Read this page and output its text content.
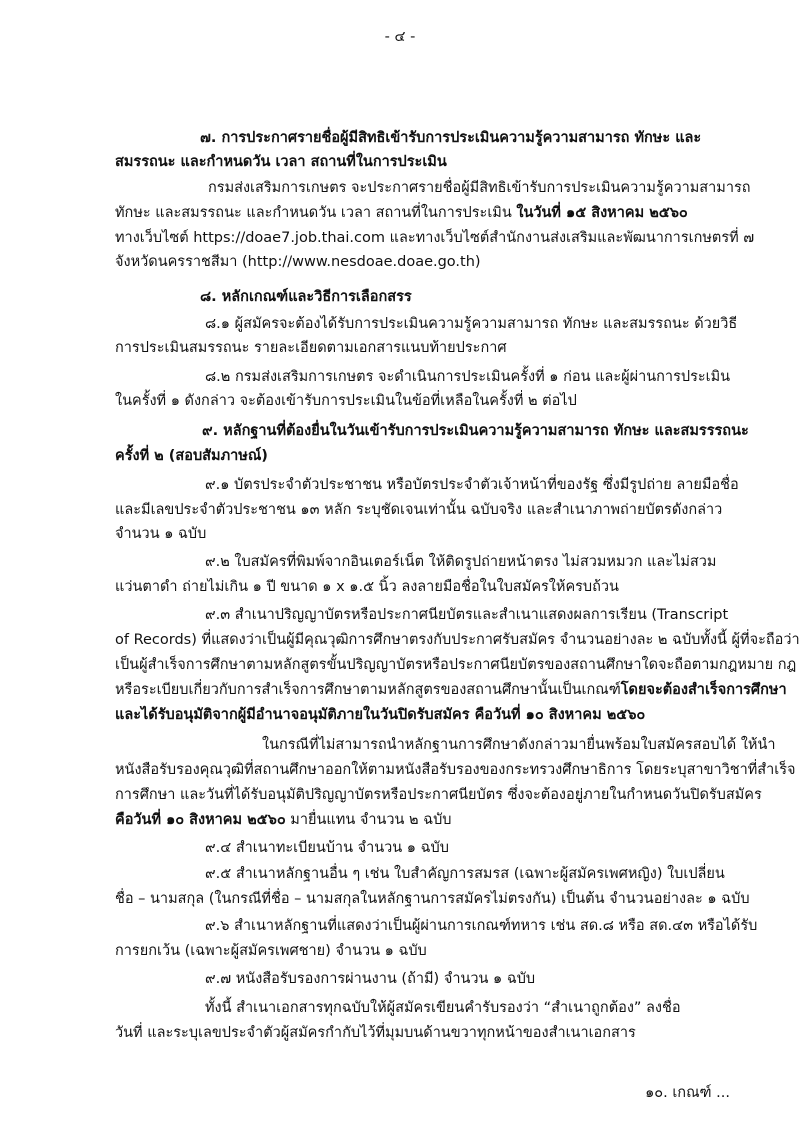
- ๔ -
๗. การประกาศรายชื่อผู้มีสิทธิเข้ารับการประเมินความรู้ความสามารถ ทักษะ และ
สมรรถนะ และกำหนดวัน เวลา สถานที่ในการประเมิน
กรมส่งเสริมการเกษตร จะประกาศรายชื่อผู้มีสิทธิเข้ารับการประเมินความรู้ความสามารถ
ทักษะ และสมรรถนะ และกำหนดวัน เวลา สถานที่ในการประเมิน ในวันที่ ๑๕ สิงหาคม ๒๕๖๐
ทางเว็บไซต์ https://doae7.job.thai.com และทางเว็บไซต์สำนักงานส่งเสริมและพัฒนาการเกษตรที่ ๗
จังหวัดนครราชสีมา (http://www.nesdoae.doae.go.th)
๘. หลักเกณฑ์และวิธีการเลือกสรร
๘.๑ ผู้สมัครจะต้องได้รับการประเมินความรู้ความสามารถ ทักษะ และสมรรถนะ ด้วยวิธี
การประเมินสมรรถนะ รายละเอียดตามเอกสารแนบท้ายประกาศ
๘.๒ กรมส่งเสริมการเกษตร จะดำเนินการประเมินครั้งที่ ๑ ก่อน และผู้ผ่านการประเมิน
ในครั้งที่ ๑ ดังกล่าว จะต้องเข้ารับการประเมินในข้อที่เหลือในครั้งที่ ๒ ต่อไป
๙. หลักฐานที่ต้องยื่นในวันเข้ารับการประเมินความรู้ความสามารถ ทักษะ และสมรรรถนะ
ครั้งที่ ๒ (สอบสัมภาษณ์)
๙.๑ บัตรประจำตัวประชาชน หรือบัตรประจำตัวเจ้าหน้าที่ของรัฐ ซึ่งมีรูปถ่าย ลายมือชื่อ
และมีเลขประจำตัวประชาชน ๑๓ หลัก ระบุชัดเจนเท่านั้น ฉบับจริง และสำเนาภาพถ่ายบัตรดังกล่าว
จำนวน ๑ ฉบับ
๙.๒ ใบสมัครที่พิมพ์จากอินเตอร์เน็ต ให้ติดรูปถ่ายหน้าตรง ไม่สวมหมวก และไม่สวม
แว่นตาดำ ถ่ายไม่เกิน ๑ ปี ขนาด ๑ x ๑.๕ นิ้ว ลงลายมือชื่อในใบสมัครให้ครบถ้วน
๙.๓ สำเนาปริญญาบัตรหรือประกาศนียบัตรและสำเนาแสดงผลการเรียน (Transcript
of Records) ที่แสดงว่าเป็นผู้มีคุณวุฒิการศึกษาตรงกับประกาศรับสมัคร จำนวนอย่างละ ๒ ฉบับทั้งนี้ ผู้ที่จะถือว่า
เป็นผู้สำเร็จการศึกษาตามหลักสูตรขั้นปริญญาบัตรหรือประกาศนียบัตรของสถานศึกษาใดจะถือตามกฎหมาย กฎ
หรือระเบียบเกี่ยวกับการสำเร็จการศึกษาตามหลักสูตรของสถานศึกษานั้นเป็นเกณฑ์โดยจะต้องสำเร็จการศึกษา
และได้รับอนุมัติจากผู้มีอำนาจอนุมัติภายในวันปิดรับสมัคร คือวันที่ ๑๐ สิงหาคม ๒๕๖๐
ในกรณีที่ไม่สามารถนำหลักฐานการศึกษาดังกล่าวมายื่นพร้อมใบสมัครสอบได้ ให้นำ
หนังสือรับรองคุณวุฒิที่สถานศึกษาออกให้ตามหนังสือรับรองของกระทรวงศึกษาธิการ โดยระบุสาขาวิชาที่สำเร็จ
การศึกษา และวันที่ได้รับอนุมัติปริญญาบัตรหรือประกาศนียบัตร ซึ่งจะต้องอยู่ภายในกำหนดวันปิดรับสมัคร
คือวันที่ ๑๐ สิงหาคม ๒๕๖๐ มายื่นแทน จำนวน ๒ ฉบับ
๙.๔ สำเนาทะเบียนบ้าน จำนวน ๑ ฉบับ
๙.๕ สำเนาหลักฐานอื่น ๆ เช่น ใบสำคัญการสมรส (เฉพาะผู้สมัครเพศหญิง) ใบเปลี่ยน
ชื่อ – นามสกุล (ในกรณีที่ชื่อ – นามสกุลในหลักฐานการสมัครไม่ตรงกัน) เป็นต้น จำนวนอย่างละ ๑ ฉบับ
๙.๖ สำเนาหลักฐานที่แสดงว่าเป็นผู้ผ่านการเกณฑ์ทหาร เช่น สด.๘ หรือ สด.๔๓ หรือได้รับ
การยกเว้น (เฉพาะผู้สมัครเพศชาย) จำนวน ๑ ฉบับ
๙.๗ หนังสือรับรองการผ่านงาน (ถ้ามี) จำนวน ๑ ฉบับ
ทั้งนี้ สำเนาเอกสารทุกฉบับให้ผู้สมัครเขียนคำรับรองว่า “สำเนาถูกต้อง” ลงชื่อ
วันที่ และระบุเลขประจำตัวผู้สมัครกำกับไว้ที่มุมบนด้านขวาทุกหน้าของสำเนาเอกสาร
๑๐. เกณฑ์ ...
